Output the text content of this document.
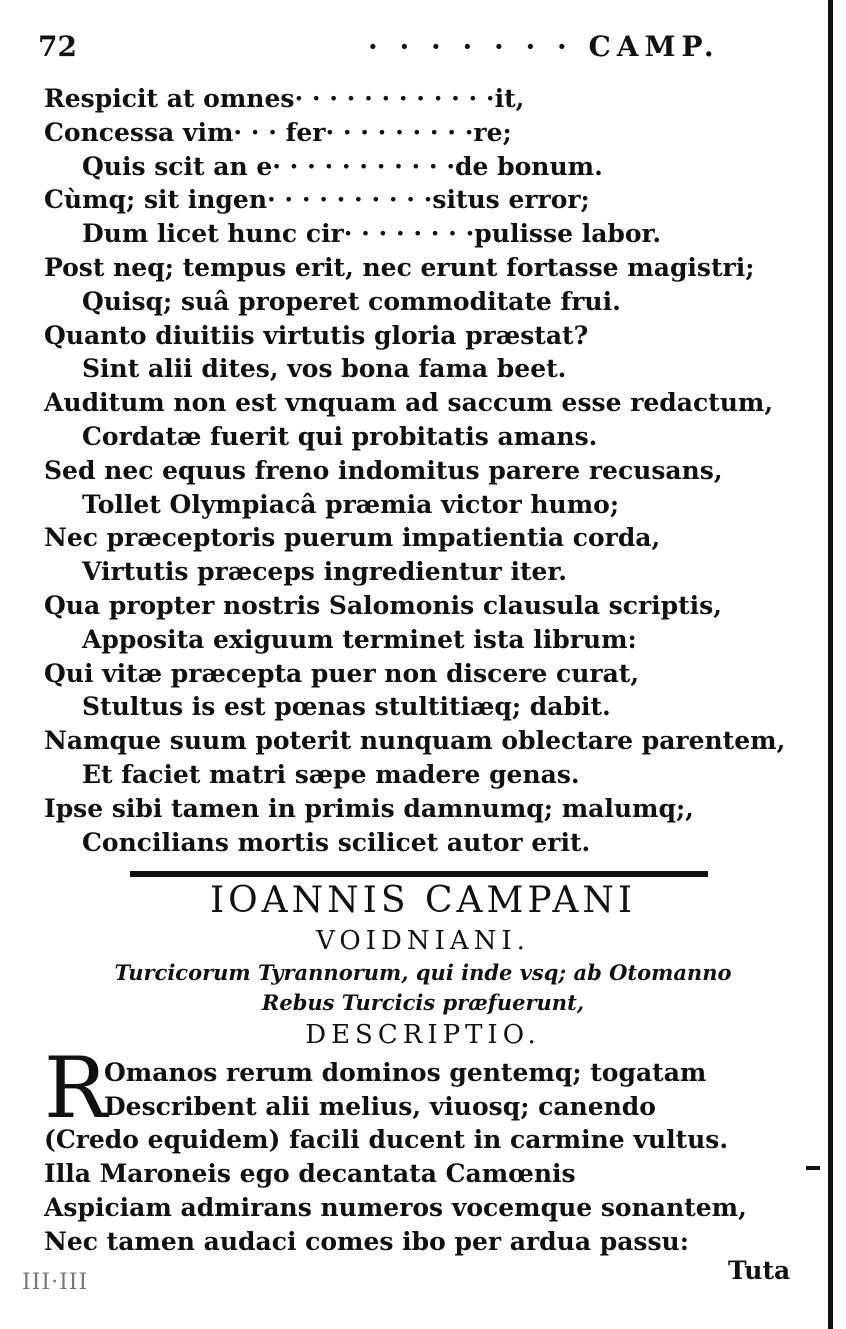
72	· · · · · · · CAMP.
Respicit at omnes· · · · · · · · · · · ·it,
Concessa vim· · · fer· · · · · · · · ·re;
Quis scit an e· · · · · · · · · · ·de bonum.
Cùmq; sit ingen· · · · · · · · · ·situs error;
Dum licet hunc cir· · · · · · · ·pulisse labor.
Post neq; tempus erit, nec erunt fortasse magistri;
Quisq; suâ properet commoditate frui.
Quanto diuitiis virtutis gloria præstat?
Sint alii dites, vos bona fama beet.
Auditum non est vnquam ad saccum esse redactum,
Cordatæ fuerit qui probitatis amans.
Sed nec equus freno indomitus parere recusans,
Tollet Olympiacâ præmia victor humo;
Nec præceptoris puerum impatientia corda,
Virtutis præceps ingredientur iter.
Qua propter nostris Salomonis clausula scriptis,
Apposita exiguum terminet ista librum:
Qui vitæ præcepta puer non discere curat,
Stultus is est pœnas stultitiæq; dabit.
Namque suum poterit nunquam oblectare parentem,
Et faciet matri sæpe madere genas.
Ipse sibi tamen in primis damnumq; malumq;,
Concilians mortis scilicet autor erit.
IOANNIS CAMPANI
VOIDNIANI.
Turcicorum Tyrannorum, qui inde vsq; ab Otomanno
Rebus Turcicis præfuerunt,
DESCRIPTIO.
R
Omanos rerum dominos gentemq; togatam
Describent alii melius, viuosq; canendo
(Credo equidem) facili ducent in carmine vultus.
Illa Maroneis ego decantata Camœnis
Aspiciam admirans numeros vocemque sonantem,
Nec tamen audaci comes ibo per ardua passu:
Tuta
III·III
